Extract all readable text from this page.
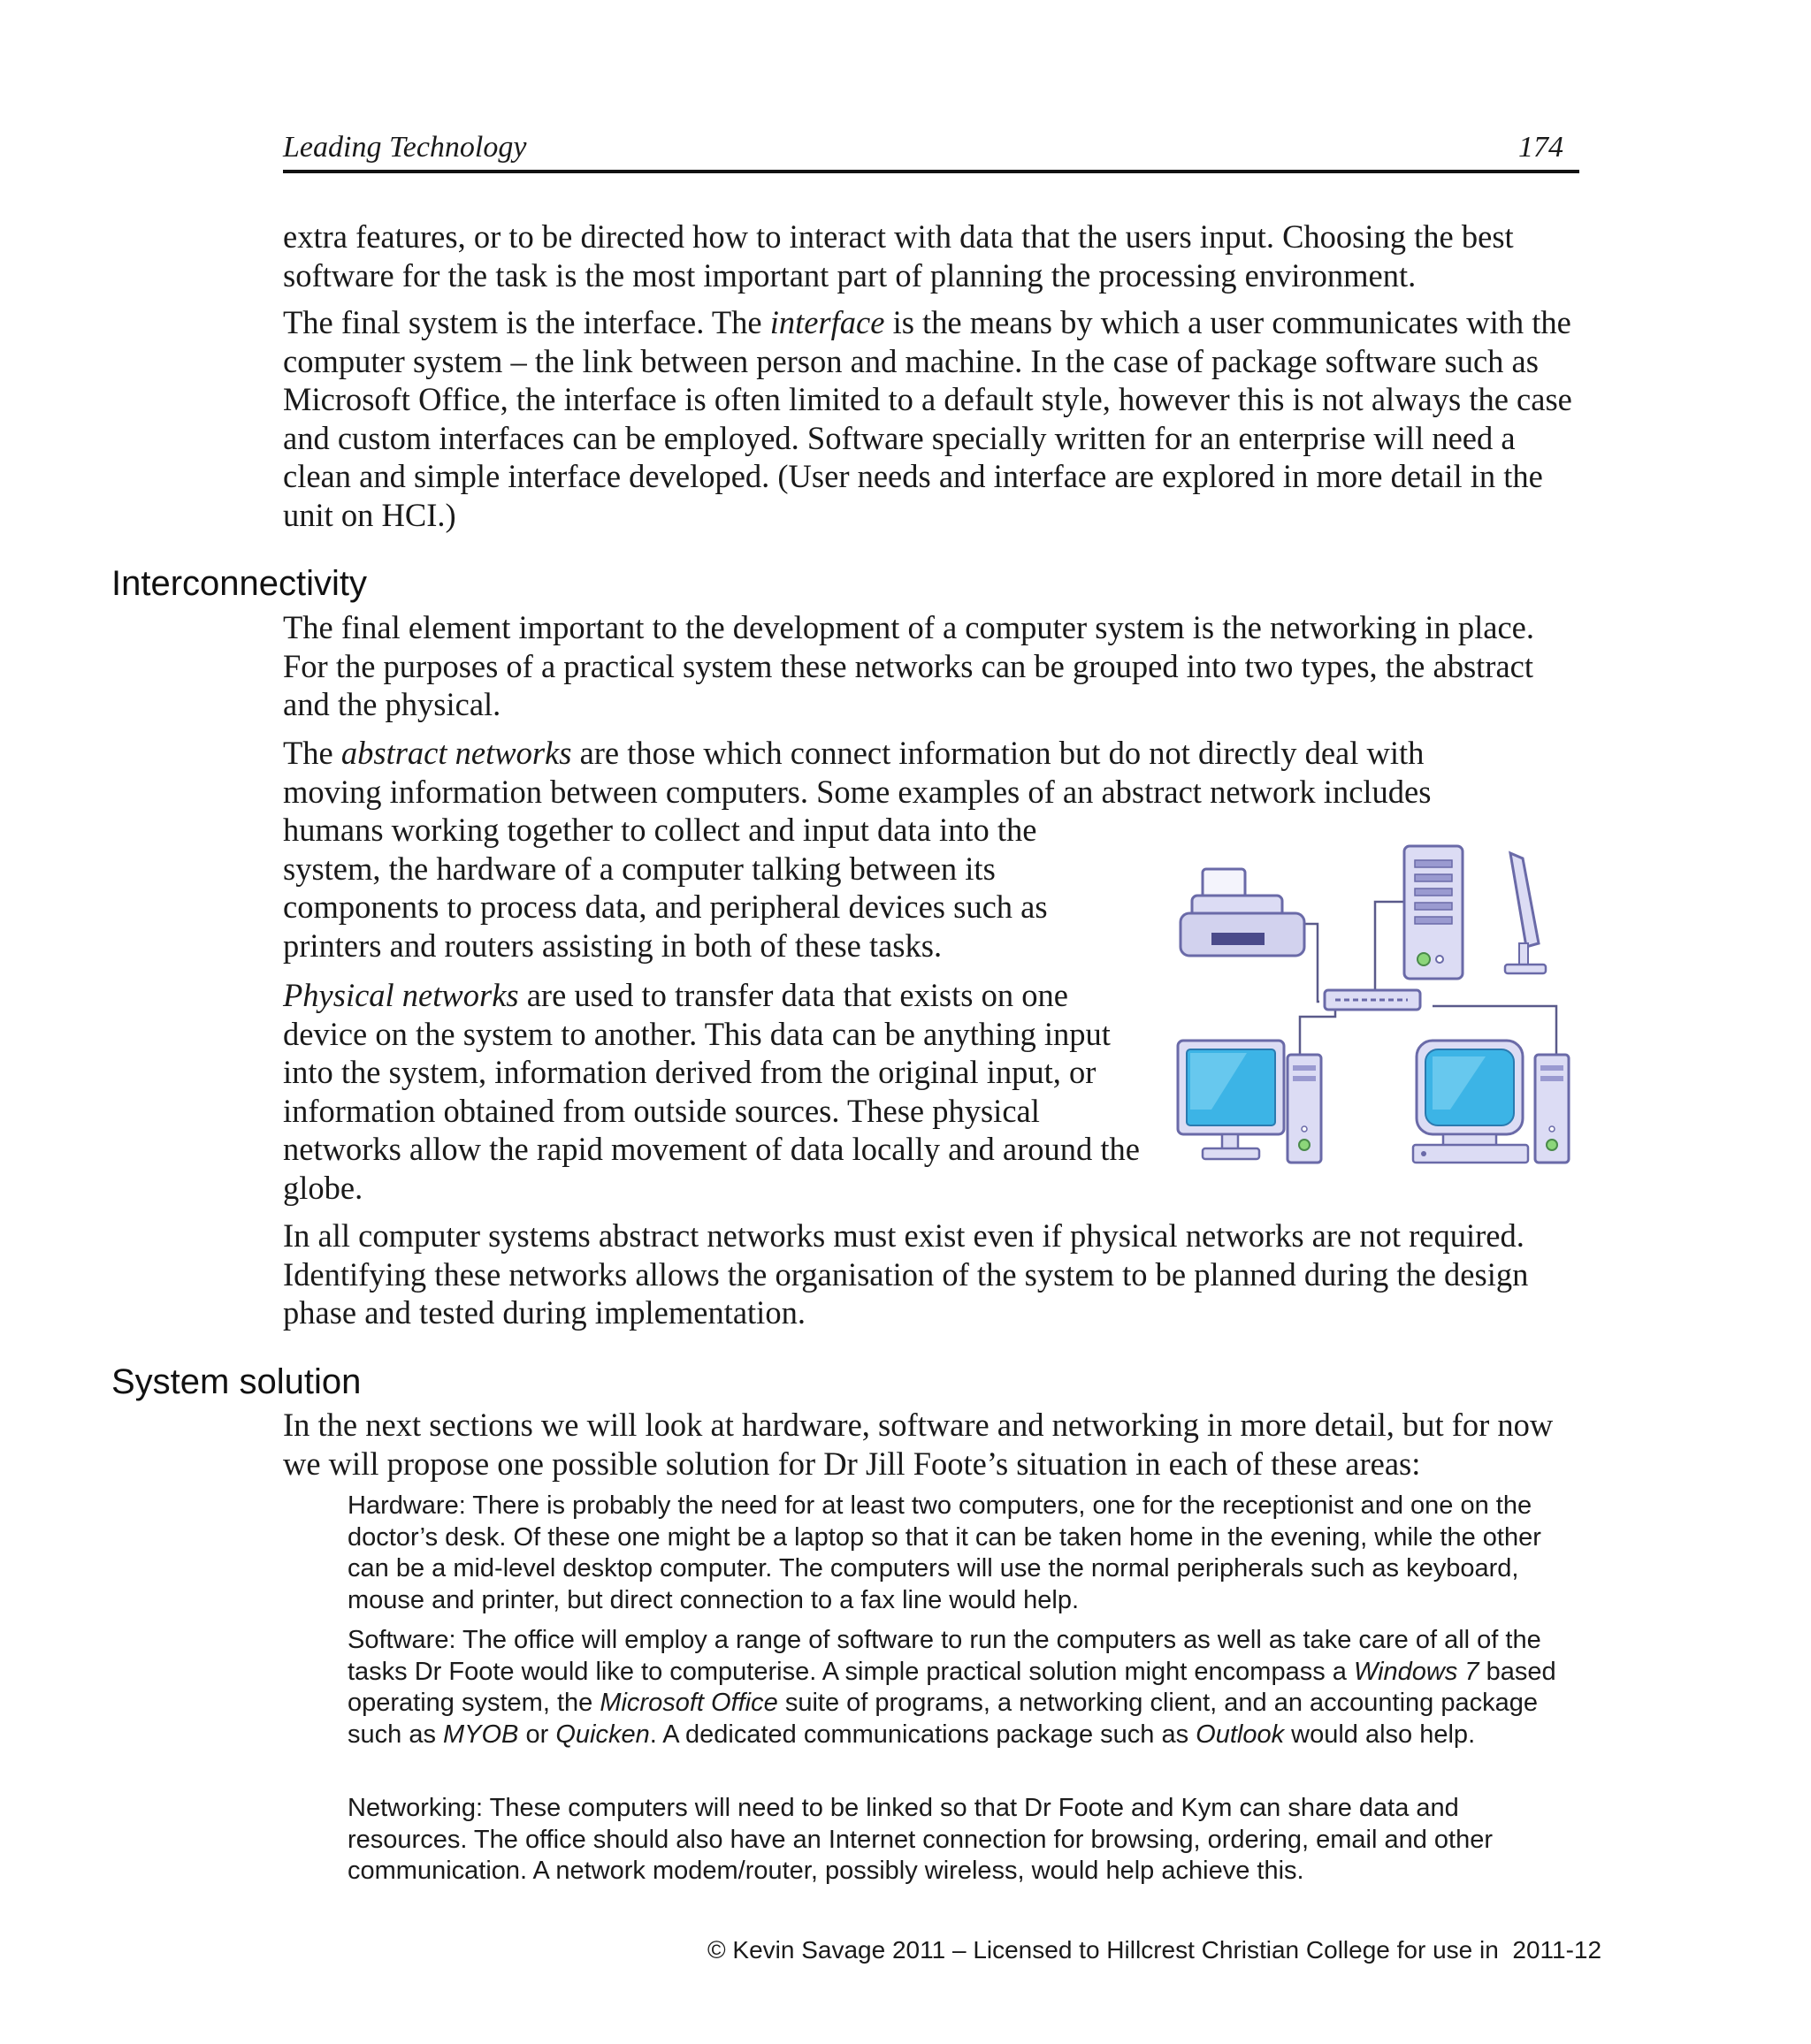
Leading Technology	174

extra features, or to be directed how to interact with data that the users input. Choosing the best software for the task is the most important part of planning the processing environment.

The final system is the interface. The interface is the means by which a user communicates with the computer system – the link between person and machine. In the case of package software such as Microsoft Office, the interface is often limited to a default style, however this is not always the case and custom interfaces can be employed. Software specially written for an enterprise will need a clean and simple interface developed. (User needs and interface are explored in more detail in the unit on HCI.)

Interconnectivity

The final element important to the development of a computer system is the networking in place. For the purposes of a practical system these networks can be grouped into two types, the abstract and the physical.

The abstract networks are those which connect information but do not directly deal with

moving information between computers. Some examples of an abstract network includes

humans working together to collect and input data into the system, the hardware of a computer talking between its components to process data, and peripheral devices such as printers and routers assisting in both of these tasks.

Physical networks are used to transfer data that exists on one device on the system to another. This data can be anything input into the system, information derived from the original input, or information obtained from outside sources. These physical networks allow the rapid movement of data locally and around the globe.

In all computer systems abstract networks must exist even if physical networks are not required. Identifying these networks allows the organisation of the system to be planned during the design phase and tested during implementation.

System solution

In the next sections we will look at hardware, software and networking in more detail, but for now we will propose one possible solution for Dr Jill Foote’s situation in each of these areas:

Hardware: There is probably the need for at least two computers, one for the receptionist and one on the doctor’s desk. Of these one might be a laptop so that it can be taken home in the evening, while the other can be a mid-level desktop computer. The computers will use the normal peripherals such as keyboard, mouse and printer, but direct connection to a fax line would help.

Software: The office will employ a range of software to run the computers as well as take care of all of the tasks Dr Foote would like to computerise. A simple practical solution might encompass a Windows 7 based operating system, the Microsoft Office suite of programs, a networking client, and an accounting package such as MYOB or Quicken. A dedicated communications package such as Outlook would also help.

Networking: These computers will need to be linked so that Dr Foote and Kym can share data and resources. The office should also have an Internet connection for browsing, ordering, email and other communication. A network modem/router, possibly wireless, would help achieve this.

© Kevin Savage 2011 – Licensed to Hillcrest Christian College for use in  2011-12
